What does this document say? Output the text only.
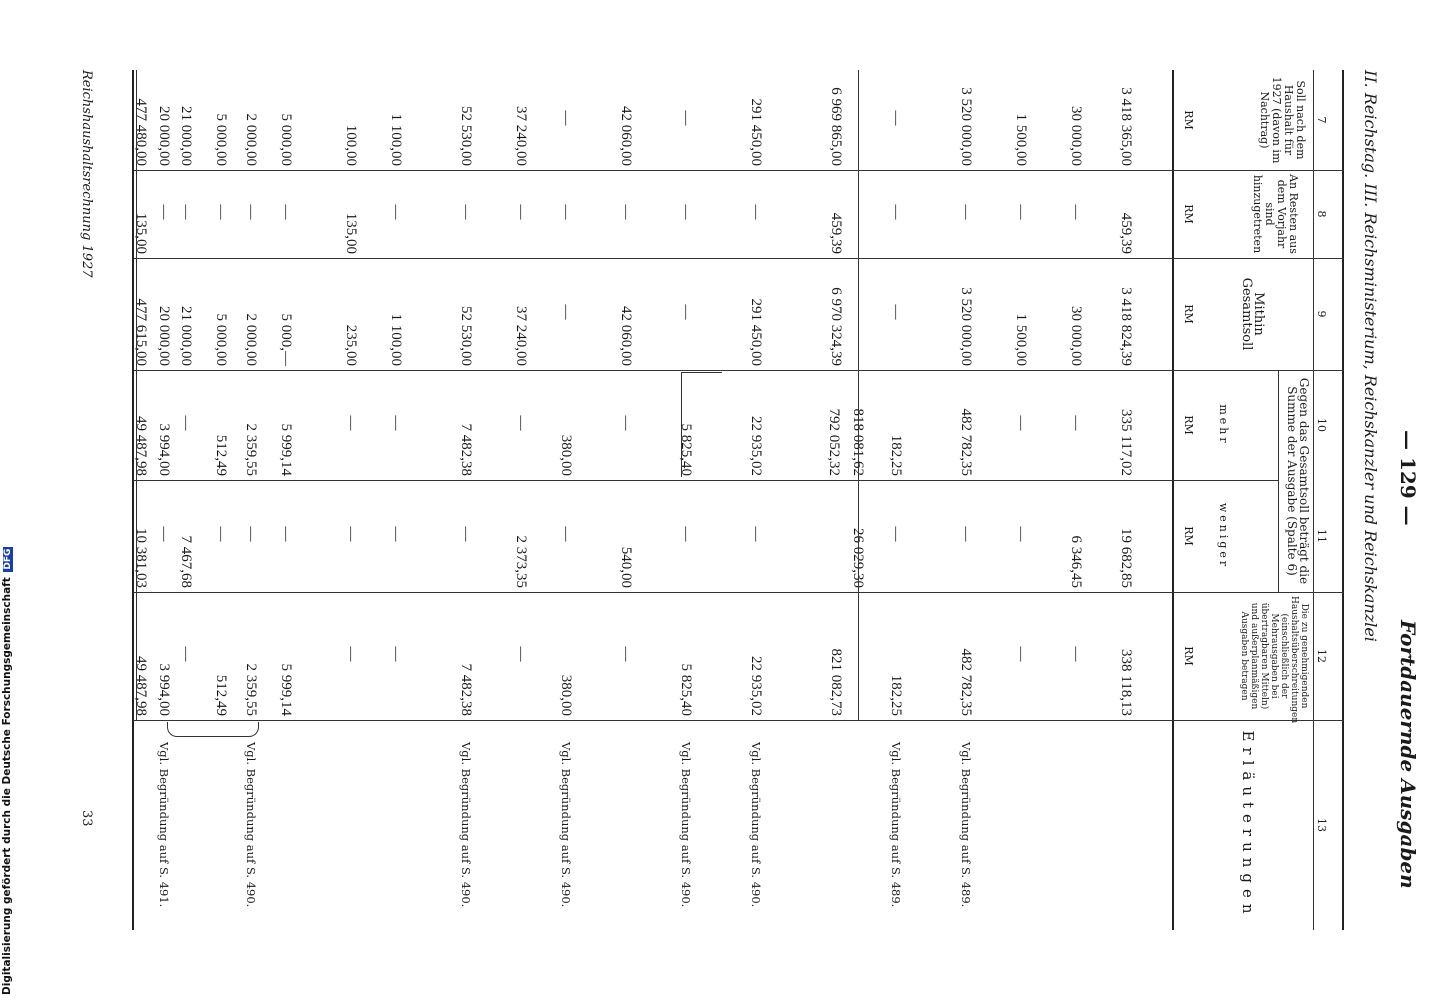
— 129 —
Fortdauernde Ausgaben
II. Reichstag. III. Reichsministerium, Reichskanzler und Reichskanzlei
7
8
9
10
11
12
13
Soll nach dem Haushalt für 1927 (davon im Nachtrag)
RM
An Resten aus dem Vorjahr sind hinzugetreten
RM
Mithin Gesamtsoll
RM
Gegen das Gesamtsoll beträgt die Summe der Ausgabe (Spalte 6)
mehr
RM
weniger
RM
Die zu genehmigenden Haushaltsüberschreitungen (einschließlich der Mehrausgaben bei übertragbaren Mitteln) und außerplanmäßigen Ausgaben betragen
RM
Erläuterungen
3 418 365,00
459,39
3 418 824,39
335 117,02
19 682,85
338 118,13
30 000,00
—
30 000,00
—
6 346,45
—
1 500,00
—
1 500,00
—
—
—
3 520 000,00
—
3 520 000,00
482 782,35
—
482 782,35
Vgl. Begründung auf S. 489.
—
—
—
182,25
—
182,25
Vgl. Begründung auf S. 489.
6 969 865,00
459,39
6 970 324,39
818 081,62
792 052,32
26 029,30
821 082,73
291 450,00
—
291 450,00
22 935,02
—
22 935,02
Vgl. Begründung auf S. 490.
—
—
—
5 825,40
—
5 825,40
Vgl. Begründung auf S. 490.
42 060,00
—
42 060,00
—
540,00
—
—
—
—
380,00
—
380,00
Vgl. Begründung auf S. 490.
37 240,00
—
37 240,00
—
2 373,35
—
52 530,00
—
52 530,00
7 482,38
—
7 482,38
Vgl. Begründung auf S. 490.
1 100,00
—
1 100,00
—
—
—
100,00
135,00
235,00
—
—
—
5 000,00
—
5 000,—
5 999,14
—
5 999,14
2 000,00
—
2 000,00
2 359,55
—
2 359,55
Vgl. Begründung auf S. 490.
5 000,00
—
5 000,00
512,49
—
512,49
21 000,00
—
21 000,00
—
7 467,68
—
20 000,00
—
20 000,00
3 994,00
—
3 994,00
Vgl. Begründung auf S. 491.
477 480,00
135,00
477 615,00
49 487,98
10 381,03
49 487,98
Reichshaushaltsrechnung 1927
33
Digitalisierung gefördert durch die Deutsche Forschungsgemeinschaft DFG
